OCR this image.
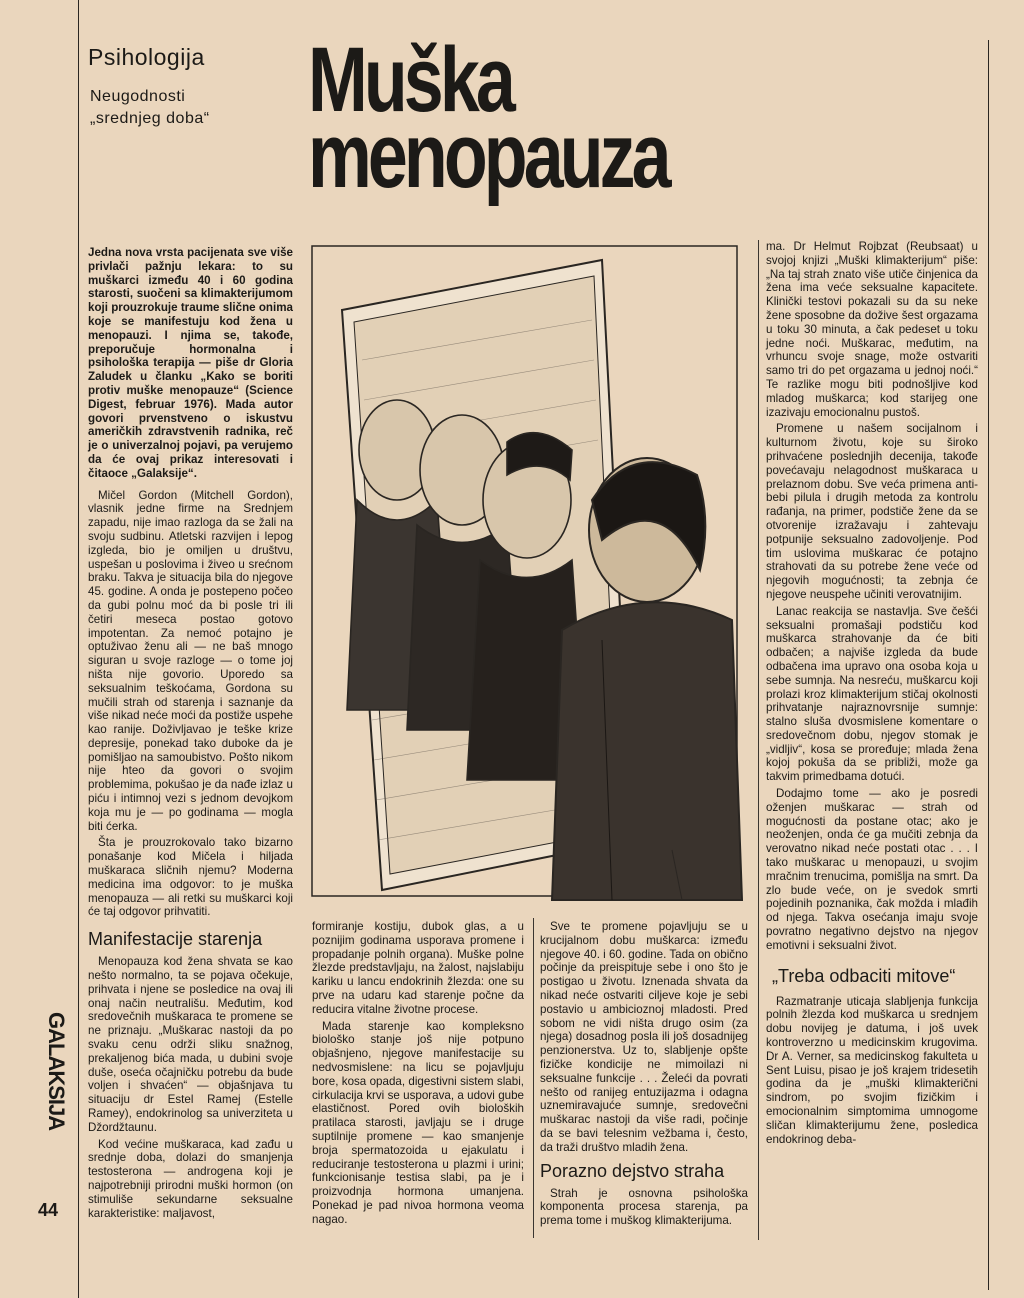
Psihologija
Neugodnosti
„srednjeg doba“ Muška
menopauza

Jedna nova vrsta pacijenata sve više privlači pažnju lekara: to su muškarci između 40 i 60 godina starosti, suočeni sa klimakterijumom koji prouzrokuje traume slične onima koje se manifestuju kod žena u menopauzi. I njima se, takođe, preporučuje hormonalna i psihološka terapija — piše dr Gloria Zaludek u članku „Kako se boriti protiv muške menopauze“ (Science Digest, februar 1976). Mada autor govori prvenstveno o iskustvu američkih zdravstvenih radnika, reč je o univerzalnoj pojavi, pa verujemo da će ovaj prikaz interesovati i čitaoce „Galaksije“.

Mičel Gordon (Mitchell Gordon), vlasnik jedne firme na Srednjem zapadu, nije imao razloga da se žali na svoju sudbinu. Atletski razvijen i lepog izgleda, bio je omiljen u društvu, uspešan u poslovima i živeo u srećnom braku. Takva je situacija bila do njegove 45. godine. A onda je postepeno počeo da gubi polnu moć da bi posle tri ili četiri meseca postao gotovo impotentan. Za nemoć potajno je optuživao ženu ali — ne baš mnogo siguran u svoje razloge — o tome joj ništa nije govorio. Uporedo sa seksualnim teškoćama, Gordona su mučili strah od starenja i saznanje da više nikad neće moći da postiže uspehe kao ranije. Doživljavao je teške krize depresije, ponekad tako duboke da je pomišljao na samoubistvo. Pošto nikom nije hteo da govori o svojim problemima, pokušao je da nađe izlaz u piću i intimnoj vezi s jednom devojkom koja mu je — po godinama — mogla biti ćerka.

Šta je prouzrokovalo tako bizarno ponašanje kod Mičela i hiljada muškaraca sličnih njemu? Moderna medicina ima odgovor: to je muška menopauza — ali retki su muškarci koji će taj odgovor prihvatiti.

Manifestacije starenja

Menopauza kod žena shvata se kao nešto normalno, ta se pojava očekuje, prihvata i njene se posledice na ovaj ili onaj način neutrališu. Međutim, kod sredovečnih muškaraca te promene se ne priznaju. „Muškarac nastoji da po svaku cenu održi sliku snažnog, prekaljenog bića mada, u dubini svoje duše, oseća očajničku potrebu da bude voljen i shvaćen“ — objašnjava tu situaciju dr Estel Ramej (Estelle Ramey), endokrinolog sa univerziteta u Džordžtaunu.

Kod većine muškaraca, kad zađu u srednje doba, dolazi do smanjenja testosterona — androgena koji je najpotrebniji prirodni muški hormon (on stimuliše sekundarne seksualne karakteristike: maljavost,

formiranje kostiju, dubok glas, a u poznijim godinama usporava promene i propadanje polnih organa). Muške polne žlezde predstavljaju, na žalost, najslabiju kariku u lancu endokrinih žlezda: one su prve na udaru kad starenje počne da reducira vitalne životne procese.

Mada starenje kao kompleksno biološko stanje još nije potpuno objašnjeno, njegove manifestacije su nedvosmislene: na licu se pojavljuju bore, kosa opada, digestivni sistem slabi, cirkulacija krvi se usporava, a udovi gube elastičnost. Pored ovih bioloških pratilaca starosti, javljaju se i druge suptilnije promene — kao smanjenje broja spermatozoida u ejakulatu i reduciranje testosterona u plazmi i urini; funkcionisanje testisa slabi, pa je i proizvodnja hormona umanjena. Ponekad je pad nivoa hormona veoma nagao.

Sve te promene pojavljuju se u krucijalnom dobu muškarca: između njegove 40. i 60. godine. Tada on obično počinje da preispituje sebe i ono što je postigao u životu. Iznenada shvata da nikad neće ostvariti ciljeve koje je sebi postavio u ambicioznoj mladosti. Pred sobom ne vidi ništa drugo osim (za njega) dosadnog posla ili još dosadnijeg penzionerstva. Uz to, slabljenje opšte fizičke kondicije ne mimoilazi ni seksualne funkcije . . . Želeći da povrati nešto od ranijeg entuzijazma i odagna uznemiravajuće sumnje, sredovečni muškarac nastoji da više radi, počinje da se bavi telesnim vežbama i, često, da traži društvo mladih žena.

Porazno dejstvo straha

Strah je osnovna psihološka komponenta procesa starenja, pa prema tome i muškog klimakterijuma.

ma. Dr Helmut Rojbzat (Reubsaat) u svojoj knjizi „Muški klimakterijum“ piše: „Na taj strah znato više utiče činjenica da žena ima veće seksualne kapacitete. Klinički testovi pokazali su da su neke žene sposobne da dožive šest orgazama u toku 30 minuta, a čak pedeset u toku jedne noći. Muškarac, međutim, na vrhuncu svoje snage, može ostvariti samo tri do pet orgazama u jednoj noći.“ Te razlike mogu biti podnošljive kod mladog muškarca; kod starijeg one izazivaju emocionalnu pustoš.

Promene u našem socijalnom i kulturnom životu, koje su široko prihvaćene poslednjih decenija, takođe povećavaju nelagodnost muškaraca u prelaznom dobu. Sve veća primena anti-bebi pilula i drugih metoda za kontrolu rađanja, na primer, podstiče žene da se otvorenije izražavaju i zahtevaju potpunije seksualno zadovoljenje. Pod tim uslovima muškarac će potajno strahovati da su potrebe žene veće od njegovih mogućnosti; ta zebnja će njegove neuspehe učiniti verovatnijim.

Lanac reakcija se nastavlja. Sve češći seksualni promašaji podstiču kod muškarca strahovanje da će biti odbačen; a najviše izgleda da bude odbačena ima upravo ona osoba koja u sebe sumnja. Na nesreću, muškarcu koji prolazi kroz klimakterijum stičaj okolnosti prihvatanje najraznovrsnije sumnje: stalno sluša dvosmislene komentare o sredovečnom dobu, njegov stomak je „vidljiv“, kosa se proređuje; mlada žena kojoj pokuša da se približi, može ga takvim primedbama dotući.

Dodajmo tome — ako je posredi oženjen muškarac — strah od mogućnosti da postane otac; ako je neoženjen, onda će ga mučiti zebnja da verovatno nikad neće postati otac . . . I tako muškarac u menopauzi, u svojim mračnim trenucima, pomišlja na smrt. Da zlo bude veće, on je svedok smrti pojedinih poznanika, čak možda i mlađih od njega. Takva osećanja imaju svoje povratno negativno dejstvo na njegov emotivni i seksualni život.

„Treba odbaciti mitove“

Razmatranje uticaja slabljenja funkcija polnih žlezda kod muškarca u srednjem dobu novijeg je datuma, i još uvek kontroverzno u medicinskim krugovima. Dr A. Verner, sa medicinskog fakulteta u Sent Luisu, pisao je još krajem tridesetih godina da je „muški klimakterični sindrom, po svojim fizičkim i emocionalnim simptomima umnogome sličan klimakterijumu žene, posledica endokrinog deba-

GALAKSIJA
44
